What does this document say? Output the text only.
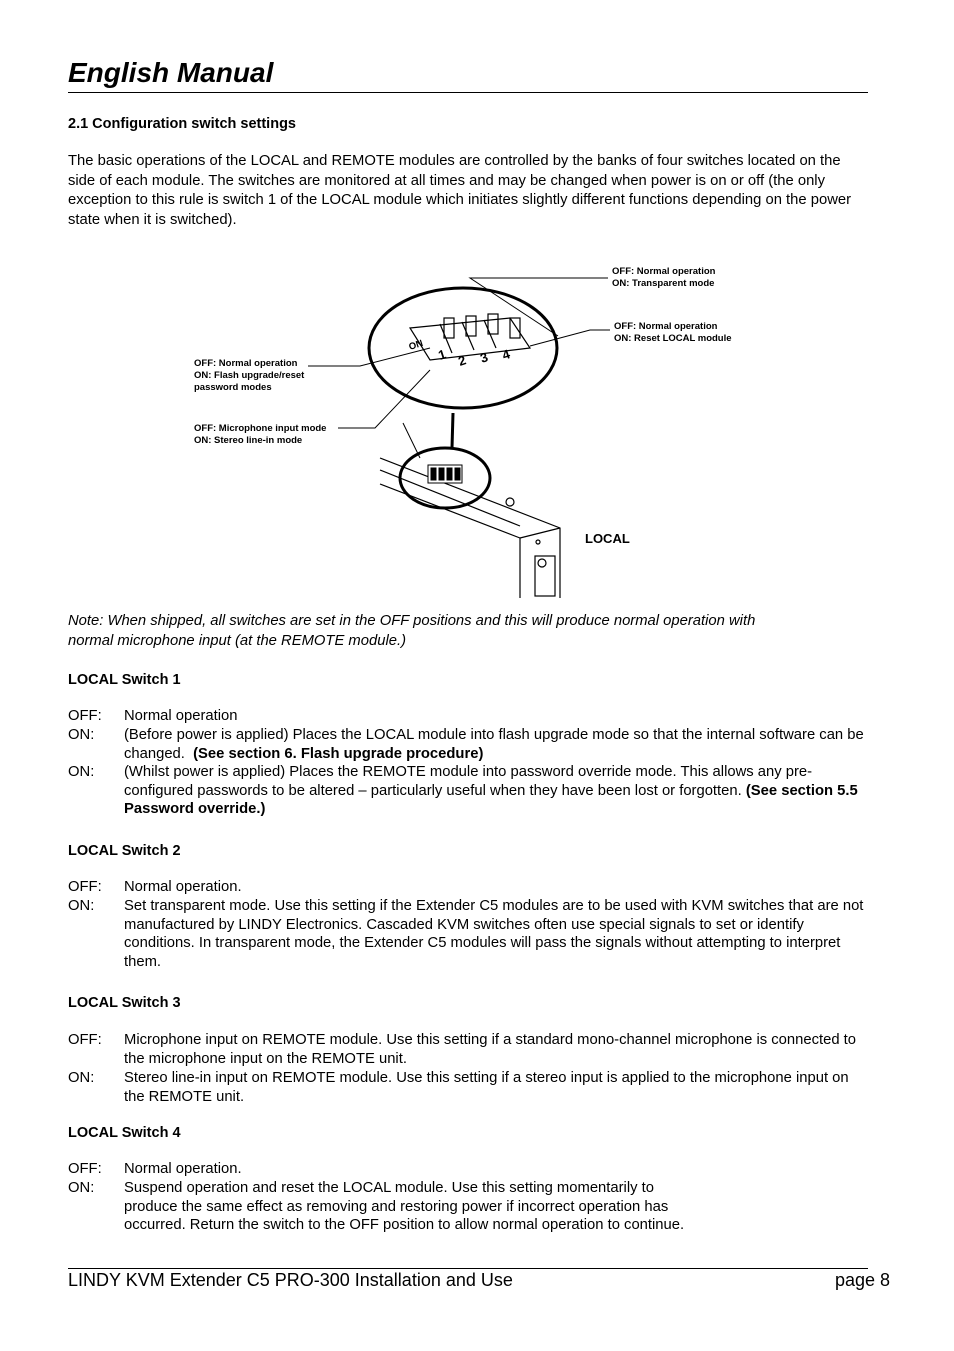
English Manual
2.1 Configuration switch settings
The basic operations of the LOCAL and REMOTE modules are controlled by the banks of four switches located on the side of each module. The switches are monitored at all times and may be changed when power is on or off (the only exception to this rule is switch 1 of the LOCAL module which initiates slightly different functions depending on the power state when it is switched).
ON
1 2 3 4
OFF: Normal operation
ON: Transparent mode
OFF: Normal operation
ON: Reset LOCAL module
OFF: Normal operation
ON: Flash upgrade/reset
password modes
OFF: Microphone input mode
ON: Stereo line-in mode
LOCAL
Note: When shipped, all switches are set in the OFF positions and this will produce normal operation with
normal microphone input (at the REMOTE module.)
LOCAL Switch 1
OFF: Normal operation
ON: (Before power is applied) Places the LOCAL module into flash upgrade mode so that the internal software can be changed. (See section 6. Flash upgrade procedure)
ON: (Whilst power is applied) Places the REMOTE module into password override mode. This allows any pre-configured passwords to be altered – particularly useful when they have been lost or forgotten. (See section 5.5 Password override.)
LOCAL Switch 2
OFF: Normal operation.
ON: Set transparent mode. Use this setting if the Extender C5 modules are to be used with KVM switches that are not manufactured by LINDY Electronics. Cascaded KVM switches often use special signals to set or identify conditions. In transparent mode, the Extender C5 modules will pass the signals without attempting to interpret them.
LOCAL Switch 3
OFF: Microphone input on REMOTE module. Use this setting if a standard mono-channel microphone is connected to the microphone input on the REMOTE unit.
ON: Stereo line-in input on REMOTE module. Use this setting if a stereo input is applied to the microphone input on the REMOTE unit.
LOCAL Switch 4
OFF: Normal operation.
ON: Suspend operation and reset the LOCAL module. Use this setting momentarily to
produce the same effect as removing and restoring power if incorrect operation has
occurred. Return the switch to the OFF position to allow normal operation to continue.
LINDY KVM Extender C5 PRO-300 Installation and Use	page 8
